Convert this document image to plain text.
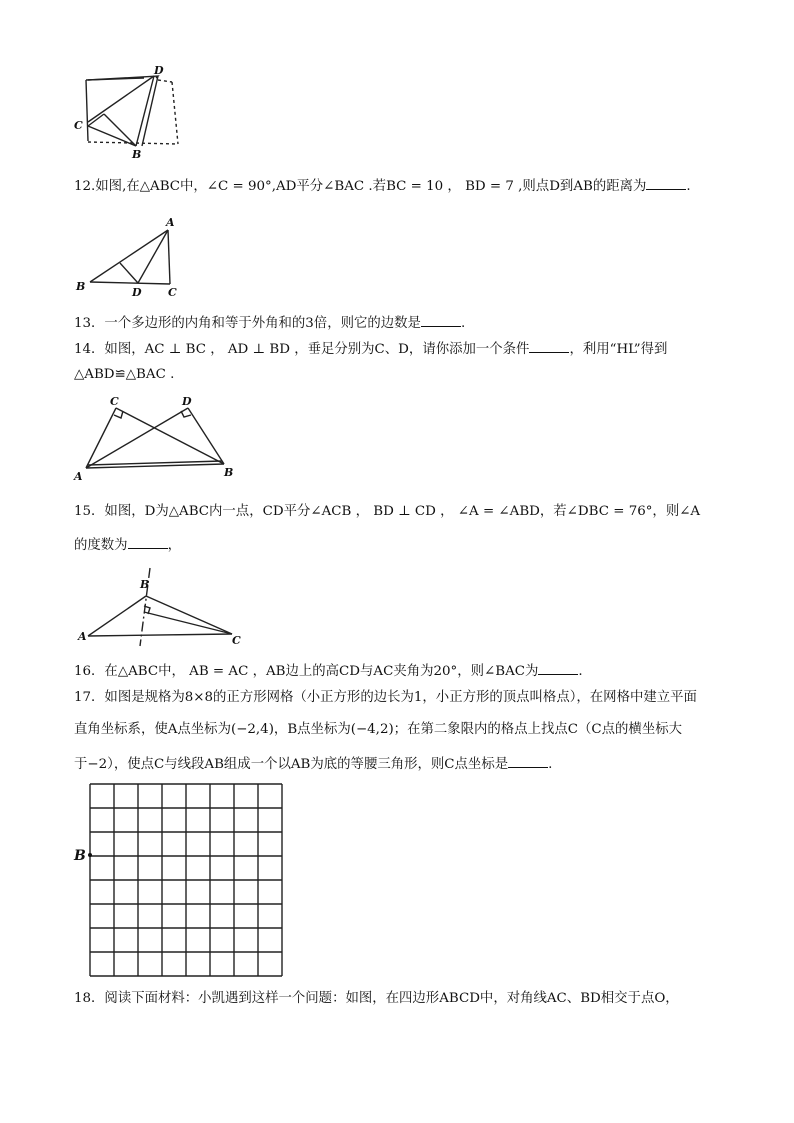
D
C
B
12.如图,在△ABC中，∠C = 90°,AD平分∠BAC .若BC = 10 ， BD = 7 ,则点D到AB的距离为	.
A
B	D C
13．一个多边形的内角和等于外角和的3倍，则它的边数是	.
14．如图，AC ⊥ BC ， AD ⊥ BD ，垂足分别为C、D，请你添加一个条件	，利用“HL”得到
△ABD≌△BAC .
C	D
A	B
15．如图，D为△ABC内一点，CD平分∠ACB ， BD ⊥ CD ， ∠A = ∠ABD，若∠DBC = 76°，则∠A
的度数为	，
B
A	C
16．在△ABC中， AB = AC ，AB边上的高CD与AC夹角为20°，则∠BAC为	.
17．如图是规格为8×8的正方形网格（小正方形的边长为1，小正方形的顶点叫格点），在网格中建立平面
直角坐标系，使A点坐标为(−2,4)，B点坐标为(−4,2)；在第二象限内的格点上找点C（C点的横坐标大
于−2），使点C与线段AB组成一个以AB为底的等腰三角形，则C点坐标是	.
B
18．阅读下面材料：小凯遇到这样一个问题：如图，在四边形ABCD中，对角线AC、BD相交于点O，
